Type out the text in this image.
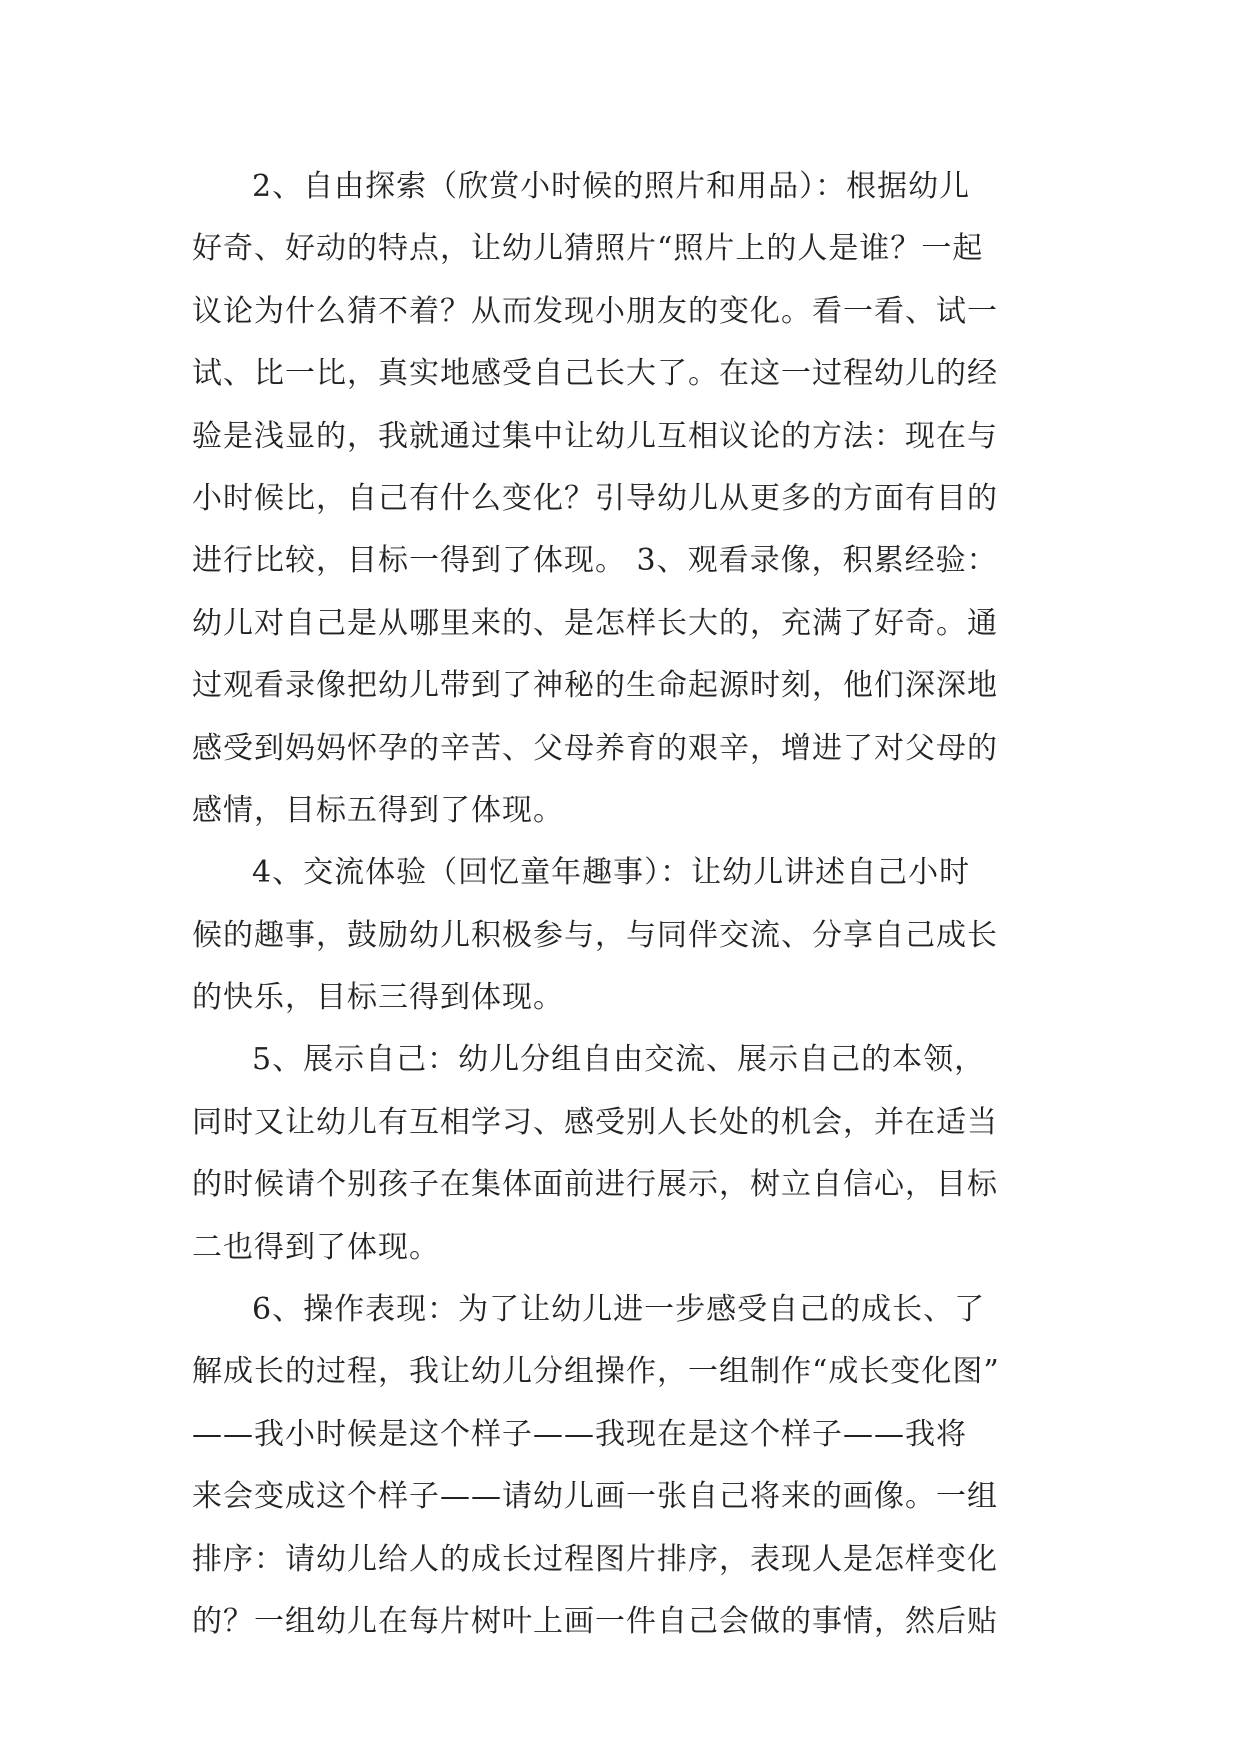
2、自由探索（欣赏小时候的照片和用品）：根据幼儿
好奇、好动的特点，让幼儿猜照片“照片上的人是谁？一起
议论为什么猜不着？从而发现小朋友的变化。看一看、试一
试、比一比，真实地感受自己长大了。在这一过程幼儿的经
验是浅显的，我就通过集中让幼儿互相议论的方法：现在与
小时候比，自己有什么变化？引导幼儿从更多的方面有目的
进行比较，目标一得到了体现。 3、观看录像，积累经验：
幼儿对自己是从哪里来的、是怎样长大的，充满了好奇。通
过观看录像把幼儿带到了神秘的生命起源时刻，他们深深地
感受到妈妈怀孕的辛苦、父母养育的艰辛，增进了对父母的
感情，目标五得到了体现。
4、交流体验（回忆童年趣事）：让幼儿讲述自己小时
候的趣事，鼓励幼儿积极参与，与同伴交流、分享自己成长
的快乐，目标三得到体现。
5、展示自己：幼儿分组自由交流、展示自己的本领，
同时又让幼儿有互相学习、感受别人长处的机会，并在适当
的时候请个别孩子在集体面前进行展示，树立自信心，目标
二也得到了体现。
6、操作表现：为了让幼儿进一步感受自己的成长、了
解成长的过程，我让幼儿分组操作，一组制作“成长变化图”
——我小时候是这个样子——我现在是这个样子——我将
来会变成这个样子——请幼儿画一张自己将来的画像。一组
排序：请幼儿给人的成长过程图片排序，表现人是怎样变化
的？一组幼儿在每片树叶上画一件自己会做的事情，然后贴
